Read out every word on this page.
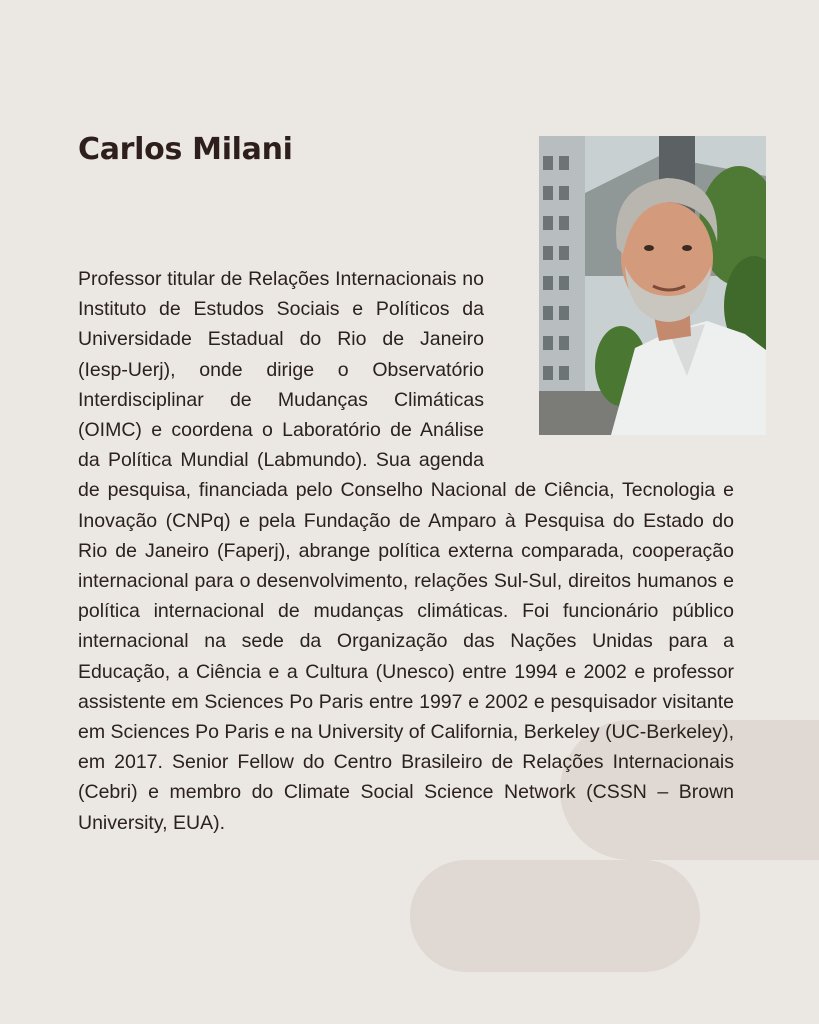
Carlos Milani

Professor titular de Relações Internacionais no Instituto de Estudos Sociais e Políticos da Universidade Estadual do Rio de Janeiro (Iesp-Uerj), onde dirige o Observatório Interdisciplinar de Mudanças Climáticas (OIMC) e coordena o Laboratório de Análise da Política Mundial (Labmundo). Sua agenda de pesquisa, financiada pelo Conselho Nacional de Ciência, Tecnologia e Inovação (CNPq) e pela Fundação de Amparo à Pesquisa do Estado do Rio de Janeiro (Faperj), abrange política externa comparada, cooperação internacional para o desenvolvimento, relações Sul-Sul, direitos humanos e política internacional de mudanças climáticas. Foi funcionário público internacional na sede da Organização das Nações Unidas para a Educação, a Ciência e a Cultura (Unesco) entre 1994 e 2002 e professor assistente em Sciences Po Paris entre 1997 e 2002 e pesquisador visitante em Sciences Po Paris e na University of California, Berkeley (UC-Berkeley), em 2017. Senior Fellow do Centro Brasileiro de Relações Internacionais (Cebri) e membro do Climate Social Science Network (CSSN – Brown University, EUA).
